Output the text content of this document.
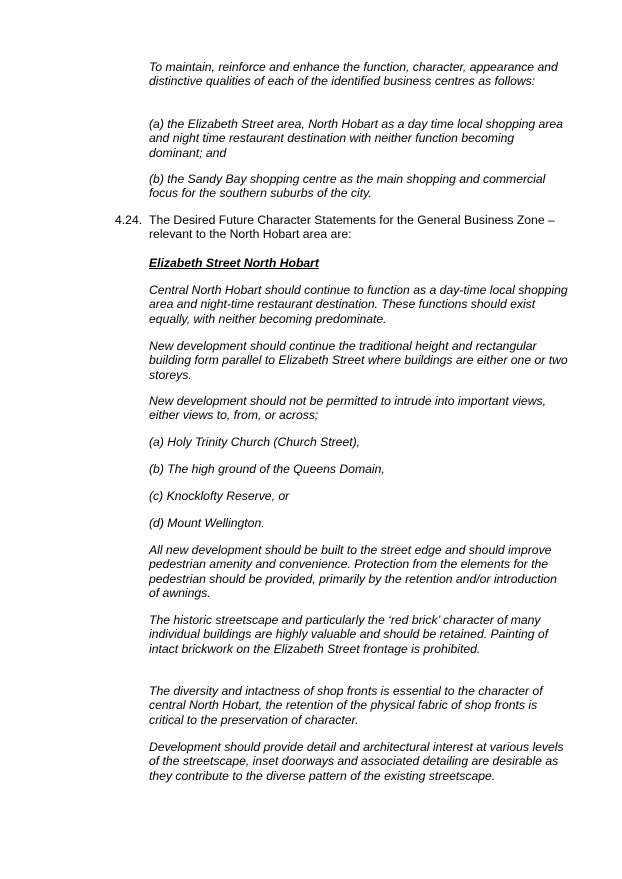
To maintain, reinforce and enhance the function, character, appearance and distinctive qualities of each of the identified business centres as follows:

(a) the Elizabeth Street area, North Hobart as a day time local shopping area and night time restaurant destination with neither function becoming dominant; and

(b) the Sandy Bay shopping centre as the main shopping and commercial focus for the southern suburbs of the city.

4.24. The Desired Future Character Statements for the General Business Zone – relevant to the North Hobart area are:

Elizabeth Street North Hobart

Central North Hobart should continue to function as a day-time local shopping area and night-time restaurant destination. These functions should exist equally, with neither becoming predominate.

New development should continue the traditional height and rectangular building form parallel to Elizabeth Street where buildings are either one or two storeys.

New development should not be permitted to intrude into important views, either views to, from, or across;

(a) Holy Trinity Church (Church Street),

(b) The high ground of the Queens Domain,

(c) Knocklofty Reserve, or

(d) Mount Wellington.

All new development should be built to the street edge and should improve pedestrian amenity and convenience. Protection from the elements for the pedestrian should be provided, primarily by the retention and/or introduction of awnings.

The historic streetscape and particularly the ‘red brick’ character of many individual buildings are highly valuable and should be retained. Painting of intact brickwork on the Elizabeth Street frontage is prohibited.

The diversity and intactness of shop fronts is essential to the character of central North Hobart, the retention of the physical fabric of shop fronts is critical to the preservation of character.

Development should provide detail and architectural interest at various levels of the streetscape, inset doorways and associated detailing are desirable as they contribute to the diverse pattern of the existing streetscape.
